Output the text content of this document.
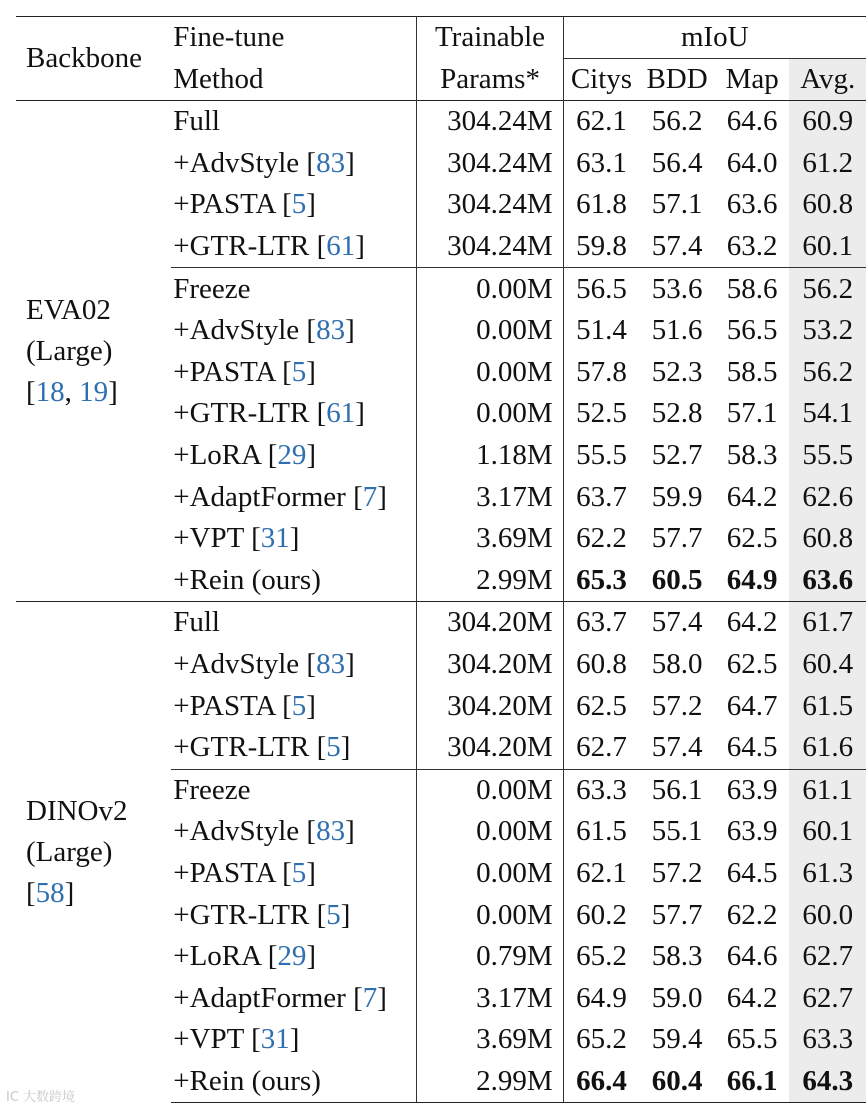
Backbone	Fine-tune	Trainable	mIoU			
	Method	Params*	Citys	BDD	Map	Avg.

EVA02
(Large)
[18, 19]	Full	304.24M	62.1	56.2	64.6	60.9
	+AdvStyle [83]	304.24M	63.1	56.4	64.0	61.2
	+PASTA [5]	304.24M	61.8	57.1	63.6	60.8
	+GTR-LTR [61]	304.24M	59.8	57.4	63.2	60.1
	Freeze	0.00M	56.5	53.6	58.6	56.2
	+AdvStyle [83]	0.00M	51.4	51.6	56.5	53.2
	+PASTA [5]	0.00M	57.8	52.3	58.5	56.2
	+GTR-LTR [61]	0.00M	52.5	52.8	57.1	54.1
	+LoRA [29]	1.18M	55.5	52.7	58.3	55.5
	+AdaptFormer [7]	3.17M	63.7	59.9	64.2	62.6
	+VPT [31]	3.69M	62.2	57.7	62.5	60.8
	+Rein (ours)	2.99M	65.3	60.5	64.9	63.6

DINOv2
(Large)
[58]	Full	304.20M	63.7	57.4	64.2	61.7
	+AdvStyle [83]	304.20M	60.8	58.0	62.5	60.4
	+PASTA [5]	304.20M	62.5	57.2	64.7	61.5
	+GTR-LTR [5]	304.20M	62.7	57.4	64.5	61.6
	Freeze	0.00M	63.3	56.1	63.9	61.1
	+AdvStyle [83]	0.00M	61.5	55.1	63.9	60.1
	+PASTA [5]	0.00M	62.1	57.2	64.5	61.3
	+GTR-LTR [5]	0.00M	60.2	57.7	62.2	60.0
	+LoRA [29]	0.79M	65.2	58.3	64.6	62.7
	+AdaptFormer [7]	3.17M	64.9	59.0	64.2	62.7
	+VPT [31]	3.69M	65.2	59.4	65.5	63.3
	+Rein (ours)	2.99M	66.4	60.4	66.1	64.3
IC 大数跨境
